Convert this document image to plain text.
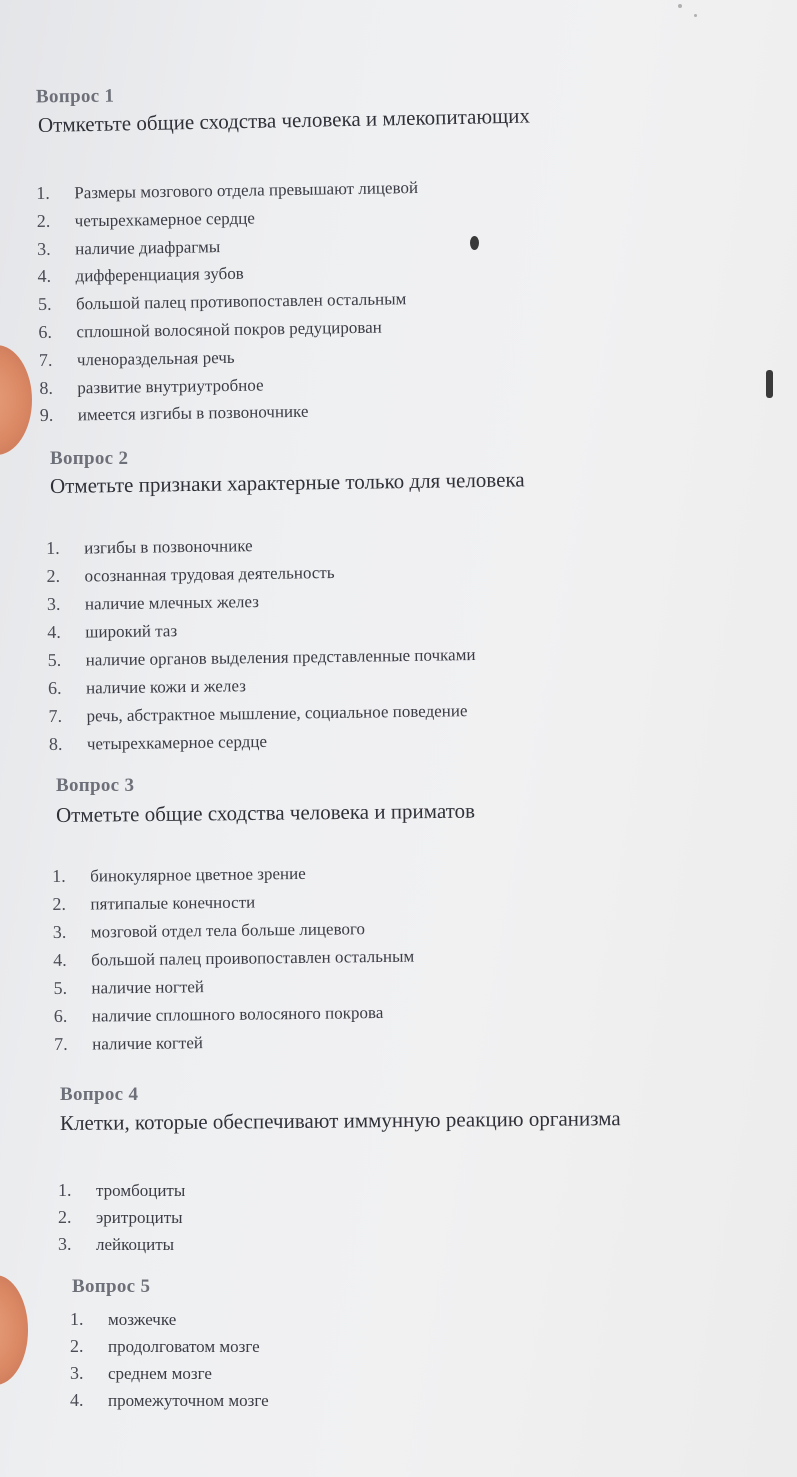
Вопрос 1
Отмкетьте общие сходства человека и млекопитающих
1. Размеры мозгового отдела превышают лицевой
2. четырехкамерное сердце
3. наличие диафрагмы
4. дифференциация зубов
5. большой палец противопоставлен остальным
6. сплошной волосяной покров редуцирован
7. членораздельная речь
8. развитие внутриутробное
9. имеется изгибы в позвоночнике
Вопрос 2
Отметьте признаки характерные только для человека
1. изгибы в позвоночнике
2. осознанная трудовая деятельность
3. наличие млечных желез
4. широкий таз
5. наличие органов выделения представленные почками
6. наличие кожи и желез
7. речь, абстрактное мышление, социальное поведение
8. четырехкамерное сердце
Вопрос 3
Отметьте общие сходства человека и приматов
1. бинокулярное цветное зрение
2. пятипалые конечности
3. мозговой отдел тела больше лицевого
4. большой палец проивопоставлен остальным
5. наличие ногтей
6. наличие сплошного волосяного покрова
7. наличие когтей
Вопрос 4
Клетки, которые обеспечивают иммунную реакцию организма
1. тромбоциты
2. эритроциты
3. лейкоциты
Вопрос 5
1. мозжечке
2. продолговатом мозге
3. среднем мозге
4. промежуточном мозге
